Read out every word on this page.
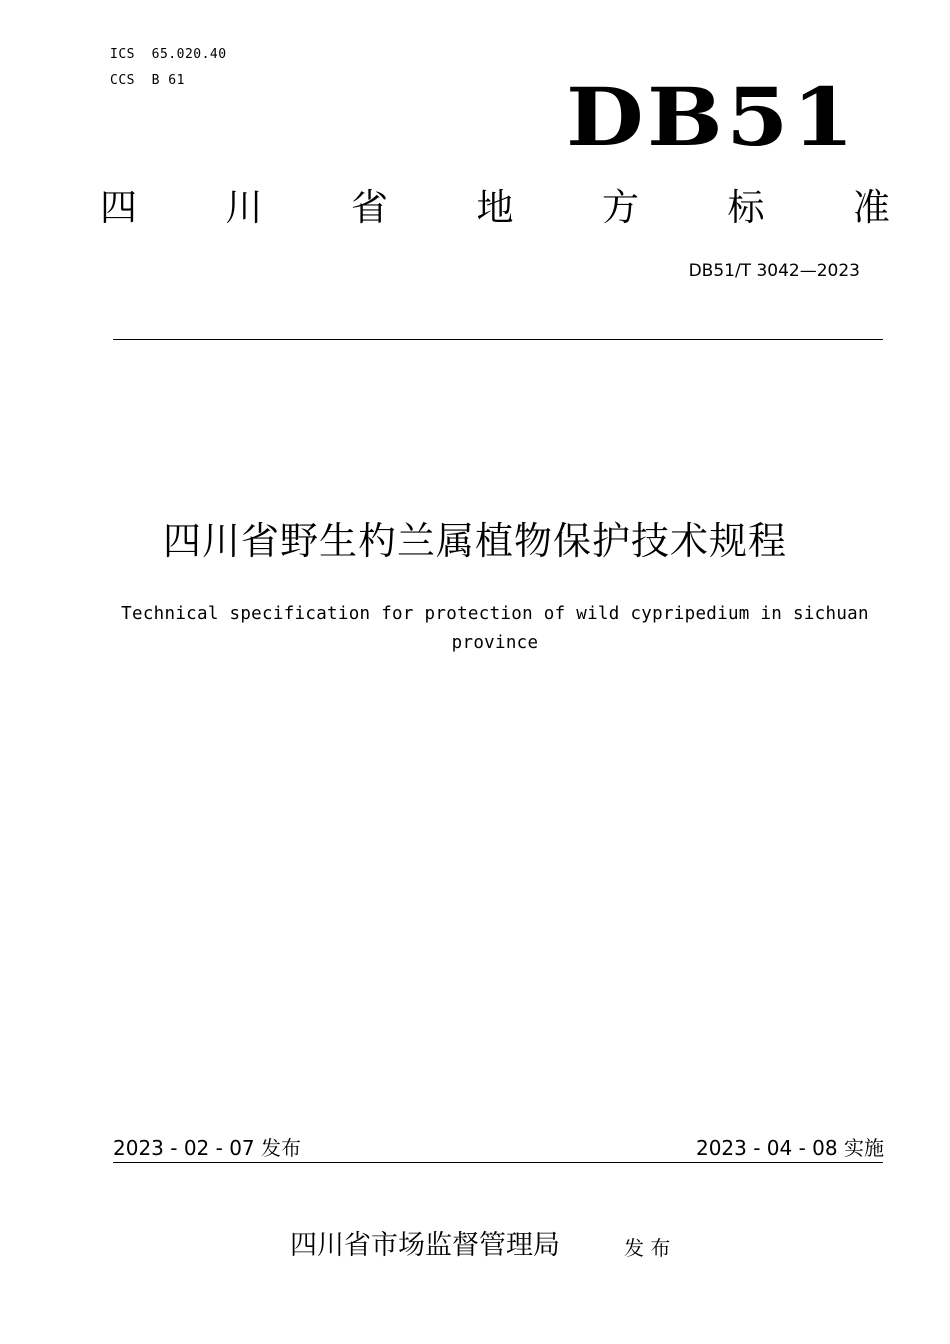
ICS  65.020.40
CCS  B 61	DB51
四 川 省 地 方 标 准
DB51/T 3042—2023
四川省野生杓兰属植物保护技术规程
Technical specification for protection of wild cypripedium in sichuan province
2023 - 02 - 07 发布	2023 - 04 - 08 实施
四川省市场监督管理局	发 布
